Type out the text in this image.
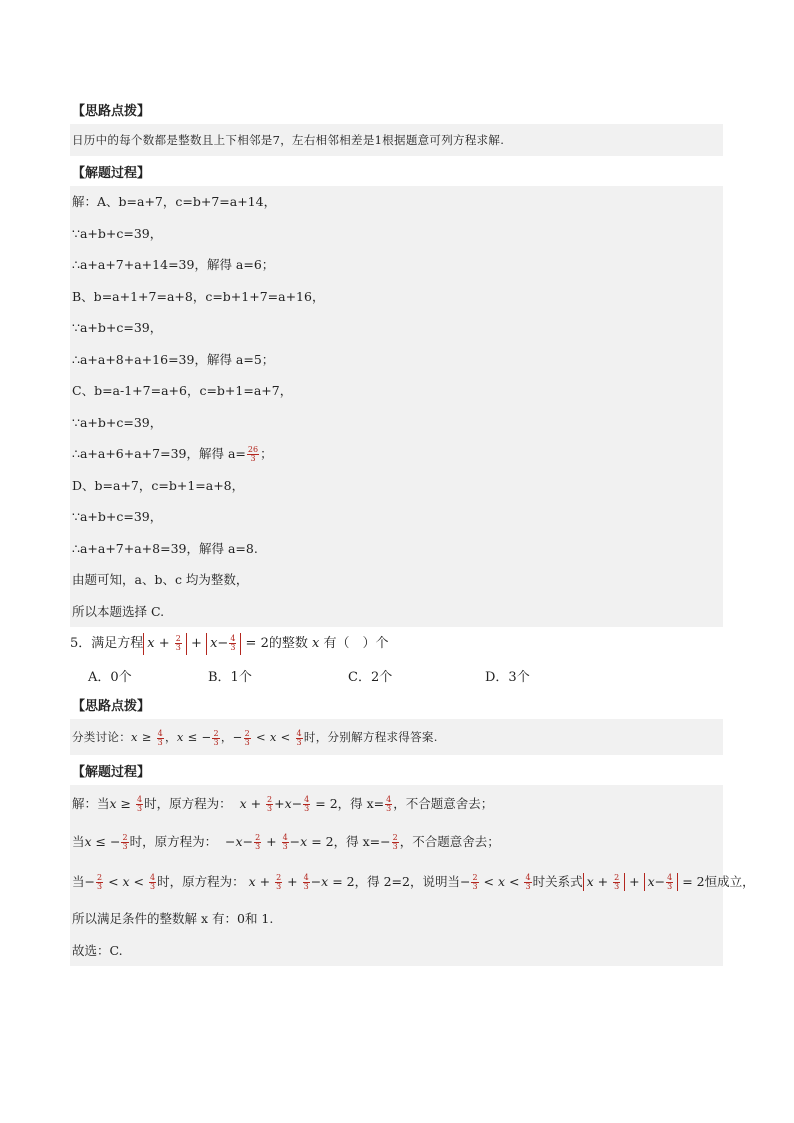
【思路点拨】
日历中的每个数都是整数且上下相邻是7，左右相邻相差是1根据题意可列方程求解.
【解题过程】
解：A、b=a+7，c=b+7=a+14，
∵a+b+c=39，
∴a+a+7+a+14=39，解得 a=6；
B、b=a+1+7=a+8，c=b+1+7=a+16，
∵a+b+c=39，
∴a+a+8+a+16=39，解得 a=5；
C、b=a-1+7=a+6，c=b+1=a+7，
∵a+b+c=39，
∴a+a+6+a+7=39，解得 $a= \frac{26}{3}$ ；
D、b=a+7，c=b+1=a+8，
∵a+b+c=39，
∴a+a+7+a+8=39，解得 a=8.
由题可知，a、b、c 均为整数，
所以本题选择 C.
5．满足方程 $x + \frac{2}{3} + x- \frac{4}{3} = 2$的整数 x 有（　）个
A．0个	B．1个	C．2个	D．3个
【思路点拨】
分类讨论：$x \ge \frac{4}{3}$ ，x ≤ − $\frac{2}{3}$ ，− $\frac{2}{3} < x < \frac{4}{3}$ 时，分别解方程求得答案.
【解题过程】
解：当$x \ge \frac{4}{3}$ 时，原方程为： $x + \frac{2}{3} +x- \frac{4}{3} = 2$，得 $x= \frac{4}{3}$ ，不合题意舍去；
当x ≤ − $\frac{2}{3}$ 时，原方程为：  $-x- \frac{2}{3} + \frac{4}{3} -x = 2$，得 $x=- \frac{2}{3}$ ，不合题意舍去；
当− $\frac{2}{3} < x < \frac{4}{3}$ 时，原方程为： $x + \frac{2}{3} + \frac{4}{3} -x = 2$，得 2=2，说明当− $\frac{2}{3} < x < \frac{4}{3}$ 时关系式 $x + \frac{2}{3} + x- \frac{4}{3} = 2$恒成立，
所以满足条件的整数解 x 有：0和 1.
故选：C.
